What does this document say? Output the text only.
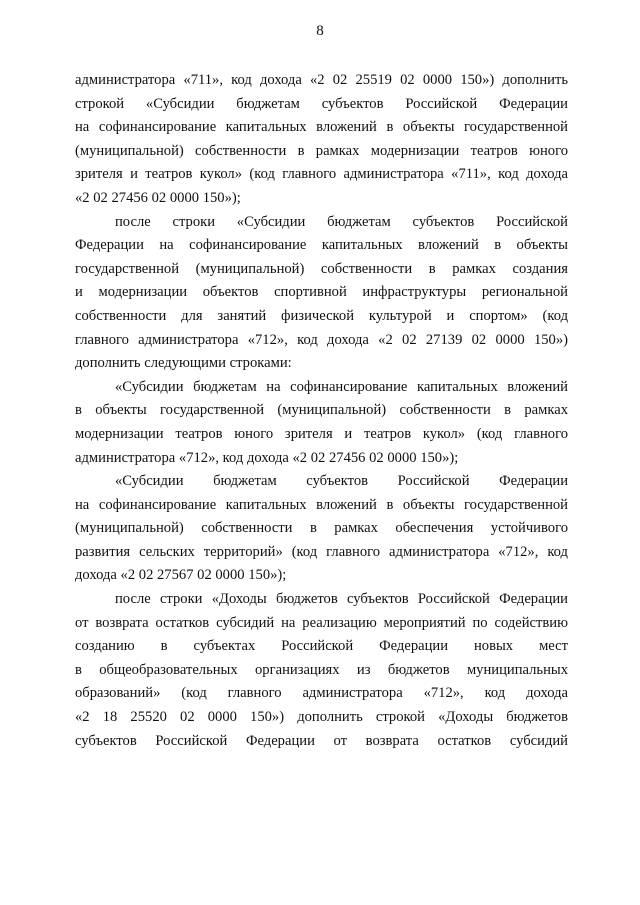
8
администратора «711», код дохода «2 02 25519 02 0000 150») дополнить
строкой «Субсидии бюджетам субъектов Российской Федерации
на софинансирование капитальных вложений в объекты государственной
(муниципальной) собственности в рамках модернизации театров юного
зрителя и театров кукол» (код главного администратора «711», код дохода
«2 02 27456 02 0000 150»);
после строки «Субсидии бюджетам субъектов Российской
Федерации на софинансирование капитальных вложений в объекты
государственной (муниципальной) собственности в рамках создания
и модернизации объектов спортивной инфраструктуры региональной
собственности для занятий физической культурой и спортом» (код
главного администратора «712», код дохода «2 02 27139 02 0000 150»)
дополнить следующими строками:
«Субсидии бюджетам на софинансирование капитальных вложений
в объекты государственной (муниципальной) собственности в рамках
модернизации театров юного зрителя и театров кукол» (код главного
администратора «712», код дохода «2 02 27456 02 0000 150»);
«Субсидии бюджетам субъектов Российской Федерации
на софинансирование капитальных вложений в объекты государственной
(муниципальной) собственности в рамках обеспечения устойчивого
развития сельских территорий» (код главного администратора «712», код
дохода «2 02 27567 02 0000 150»);
после строки «Доходы бюджетов субъектов Российской Федерации
от возврата остатков субсидий на реализацию мероприятий по содействию
созданию в субъектах Российской Федерации новых мест
в общеобразовательных организациях из бюджетов муниципальных
образований» (код главного администратора «712», код дохода
«2 18 25520 02 0000 150») дополнить строкой «Доходы бюджетов
субъектов Российской Федерации от возврата остатков субсидий
